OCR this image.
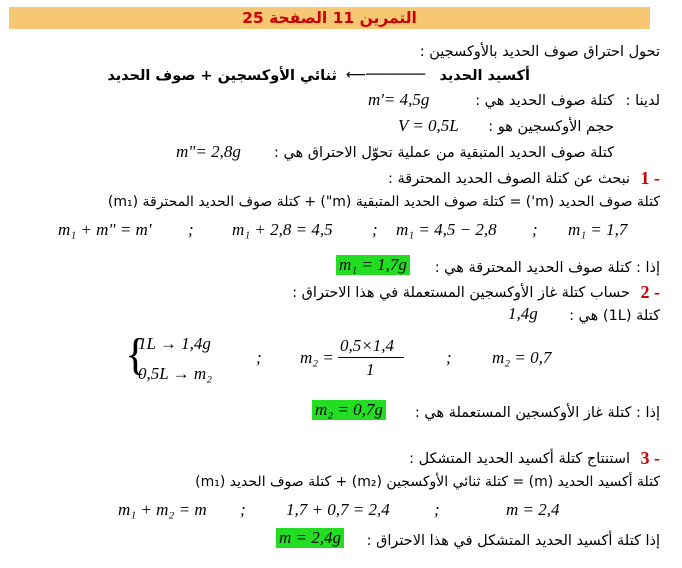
التمرين 11 الصفحة 25
تحول احتراق صوف الحديد بالأوكسجين :
أكسيد الحديد
⟵───────
ثنائي الأوكسجين + صوف الحديد
لدينا :
كتلة صوف الحديد هي :
m'= 4,5g
حجم الأوكسجين هو :
V = 0,5L
كتلة صوف الحديد المتبقية من عملية تحوّل الاحتراق هي :
m"= 2,8g
1 -
نبحث عن كتلة الصوف الحديد المحترقة :
كتلة صوف الحديد (m') = كتلة صوف الحديد المتبقية (m") + كتلة صوف الحديد المحترقة (m₁)
m₁ + m" = m' ; m₁ + 2,8 = 4,5 ; m₁ = 4,5 − 2,8 ; m₁ = 1,7
إذا : كتلة صوف الحديد المحترقة هي :
m₁ = 1,7g
2 -
حساب كتلة غاز الأوكسجين المستعملة في هذا الاحتراق :
كتلة (1L) هي :
1,4g
{
1L → 1,4g
0,5L → m₂
; m₂ =
0,5×1,4
1
; m₂ = 0,7
إذا : كتلة غاز الأوكسجين المستعملة هي :
m₂ = 0,7g
3 -
استنتاج كتلة أكسيد الحديد المتشكل :
كتلة أكسيد الحديد (m) = كتلة ثنائي الأوكسجين (m₂) + كتلة صوف الحديد (m₁)
m₁ + m₂ = m ; 1,7 + 0,7 = 2,4	;	m = 2,4
إذا كتلة أكسيد الحديد المتشكل في هذا الاحتراق :
m = 2,4g
